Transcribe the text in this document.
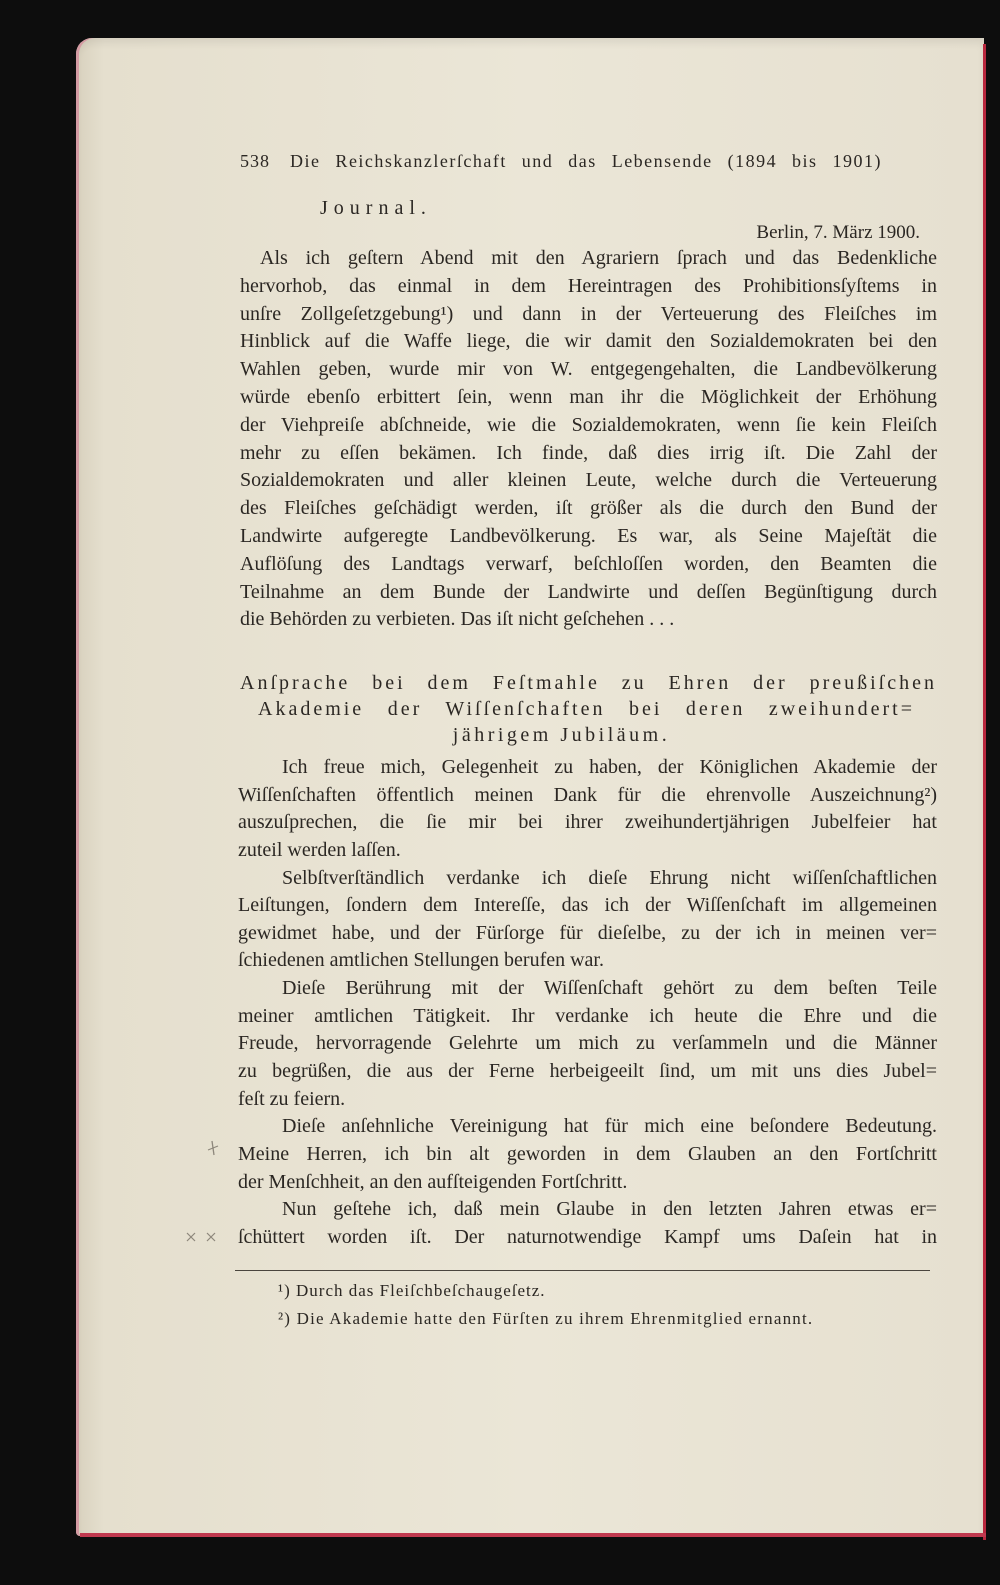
538 Die Reichskanzlerſchaft und das Lebensende (1894 bis 1901)
Journal.
Berlin, 7. März 1900.
Als ich geſtern Abend mit den Agrariern ſprach und das Bedenkliche
hervorhob, das einmal in dem Hereintragen des Prohibitionsſyſtems in
unſre Zollgeſetzgebung¹) und dann in der Verteuerung des Fleiſches im
Hinblick auf die Waffe liege, die wir damit den Sozialdemokraten bei den
Wahlen geben, wurde mir von W. entgegengehalten, die Landbevölkerung
würde ebenſo erbittert ſein, wenn man ihr die Möglichkeit der Erhöhung
der Viehpreiſe abſchneide, wie die Sozialdemokraten, wenn ſie kein Fleiſch
mehr zu eſſen bekämen. Ich finde, daß dies irrig iſt. Die Zahl der
Sozialdemokraten und aller kleinen Leute, welche durch die Verteuerung
des Fleiſches geſchädigt werden, iſt größer als die durch den Bund der
Landwirte aufgeregte Landbevölkerung. Es war, als Seine Majeſtät die
Auflöſung des Landtags verwarf, beſchloſſen worden, den Beamten die
Teilnahme an dem Bunde der Landwirte und deſſen Begünſtigung durch
die Behörden zu verbieten. Das iſt nicht geſchehen . . .
Anſprache bei dem Feſtmahle zu Ehren der preußiſchen
Akademie der Wiſſenſchaften bei deren zweihundert=
jährigem Jubiläum.
Ich freue mich, Gelegenheit zu haben, der Königlichen Akademie der
Wiſſenſchaften öffentlich meinen Dank für die ehrenvolle Auszeichnung²)
auszuſprechen, die ſie mir bei ihrer zweihundertjährigen Jubelfeier hat
zuteil werden laſſen.
Selbſtverſtändlich verdanke ich dieſe Ehrung nicht wiſſenſchaftlichen
Leiſtungen, ſondern dem Intereſſe, das ich der Wiſſenſchaft im allgemeinen
gewidmet habe, und der Fürſorge für dieſelbe, zu der ich in meinen ver=
ſchiedenen amtlichen Stellungen berufen war.
Dieſe Berührung mit der Wiſſenſchaft gehört zu dem beſten Teile
meiner amtlichen Tätigkeit. Ihr verdanke ich heute die Ehre und die
Freude, hervorragende Gelehrte um mich zu verſammeln und die Männer
zu begrüßen, die aus der Ferne herbeigeeilt ſind, um mit uns dies Jubel=
feſt zu feiern.
Dieſe anſehnliche Vereinigung hat für mich eine beſondere Bedeutung.
Meine Herren, ich bin alt geworden in dem Glauben an den Fortſchritt
der Menſchheit, an den aufſteigenden Fortſchritt.
Nun geſtehe ich, daß mein Glaube in den letzten Jahren etwas er=
ſchüttert worden iſt. Der naturnotwendige Kampf ums Daſein hat in
¹) Durch das Fleiſchbeſchaugeſetz.
²) Die Akademie hatte den Fürſten zu ihrem Ehrenmitglied ernannt.
